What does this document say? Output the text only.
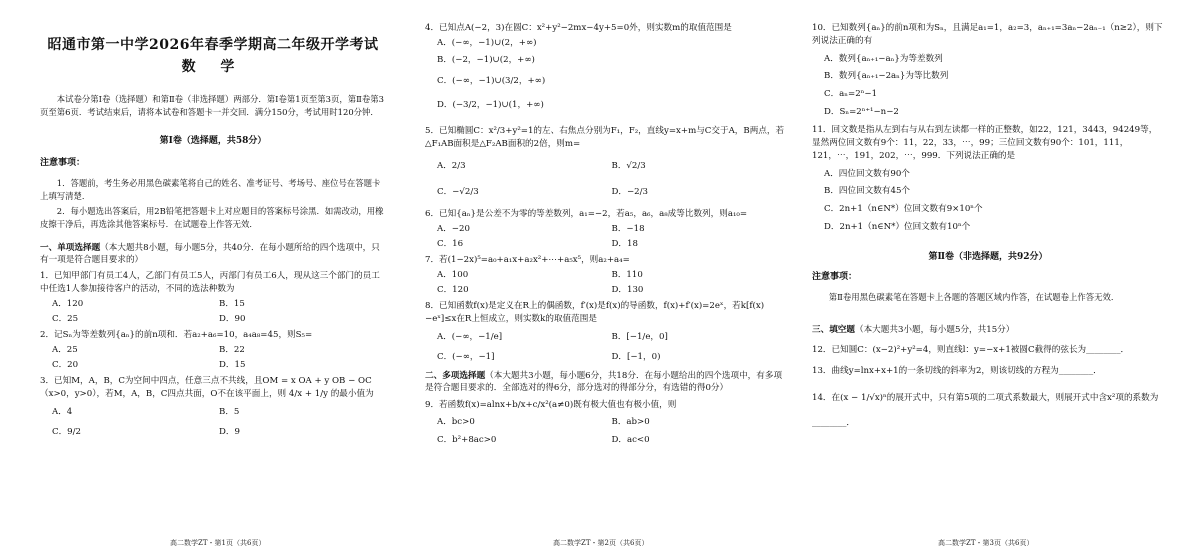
昭通市第一中学2026年春季学期高二年级开学考试
数 学
本试卷分第Ⅰ卷（选择题）和第Ⅱ卷（非选择题）两部分．第Ⅰ卷第1页至第3页，第Ⅱ卷第3页至第6页．考试结束后，请将本试卷和答题卡一并交回．满分150分，考试用时120分钟．
第Ⅰ卷（选择题，共58分）
注意事项：
1．答题前，考生务必用黑色碳素笔将自己的姓名、准考证号、考场号、座位号在答题卡上填写清楚．
2．每小题选出答案后，用2B铅笔把答题卡上对应题目的答案标号涂黑．如需改动，用橡皮擦干净后，再选涂其他答案标号．在试题卷上作答无效．
一、单项选择题（本大题共8小题，每小题5分，共40分．在每小题所给的四个选项中，只有一项是符合题目要求的）
1．已知甲部门有员工4人，乙部门有员工5人，丙部门有员工6人，现从这三个部门的员工中任选1人参加接待客户的活动，不同的选法种数为
A．120	B．15
C．25	D．90
2．记Sₙ为等差数列{aₙ}的前n项和．若a₂+a₆=10，a₄a₈=45，则S₅=
A．25	B．22
C．20	D．15
3．已知M，A，B，C为空间中四点，任意三点不共线，且OM = x OA + y OB − OC（x>0，y>0），若M，A，B，C四点共面，O不在该平面上，则 4/x + 1/y 的最小值为
A．4	B．5
C．9/2	D．9
高二数学ZT・第1页（共6页）
4．已知点A(−2，3)在圆C：x²+y²−2mx−4y+5=0外，则实数m的取值范围是
A．(−∞，−1)∪(2，+∞)
B．(−2，−1)∪(2，+∞)
C．(−∞，−1)∪(3/2，+∞)
D．(−3/2，−1)∪(1，+∞)
5．已知椭圆C：x²/3+y²=1的左、右焦点分别为F₁，F₂，直线y=x+m与C交于A，B两点，若△F₁AB面积是△F₂AB面积的2倍，则m=
A．2/3	B．√2/3
C．−√2/3	D．−2/3
6．已知{aₙ}是公差不为零的等差数列，a₁=−2，若a₅，a₆，a₈成等比数列，则a₁₀=
A．−20	B．−18
C．16	D．18
7．若(1−2x)⁵=a₀+a₁x+a₂x²+⋯+a₅x⁵，则a₂+a₄=
A．100	B．110
C．120	D．130
8．已知函数f(x)是定义在R上的偶函数，f′(x)是f(x)的导函数，f(x)+f′(x)=2eˣ，若k[f(x)−eˣ]≤x在R上恒成立，则实数k的取值范围是
A．(−∞，−1/e]	B．[−1/e，0]
C．(−∞，−1]	D．[−1，0)
二、多项选择题（本大题共3小题，每小题6分，共18分．在每小题给出的四个选项中，有多项是符合题目要求的．全部选对的得6分，部分选对的得部分分，有选错的得0分）
9．若函数f(x)=alnx+b/x+c/x²(a≠0)既有极大值也有极小值，则
A．bc>0	B．ab>0
C．b²+8ac>0	D．ac<0
高二数学ZT・第2页（共6页）
10．已知数列{aₙ}的前n项和为Sₙ，且满足a₁=1，a₂=3，aₙ₊₁=3aₙ−2aₙ₋₁（n≥2），则下列说法正确的有
A．数列{aₙ₊₁−aₙ}为等差数列
B．数列{aₙ₊₁−2aₙ}为等比数列
C．aₙ=2ⁿ−1
D．Sₙ=2ⁿ⁺¹−n−2
11．回文数是指从左到右与从右到左读都一样的正整数，如22，121，3443，94249等，显然两位回文数有9个：11，22，33，⋯，99；三位回文数有90个：101，111，121，⋯，191，202，⋯，999．下列说法正确的是
A．四位回文数有90个
B．四位回文数有45个
C．2n+1（n∈N*）位回文数有9×10ⁿ个
D．2n+1（n∈N*）位回文数有10ⁿ个
第Ⅱ卷（非选择题，共92分）
注意事项：
第Ⅱ卷用黑色碳素笔在答题卡上各题的答题区域内作答，在试题卷上作答无效．
三、填空题（本大题共3小题，每小题5分，共15分）
12．已知圆C：(x−2)²+y²=4，则直线l：y=−x+1被圆C截得的弦长为________．
13．曲线y=lnx+x+1的一条切线的斜率为2，则该切线的方程为________．
14．在(x − 1/√x)ⁿ的展开式中，只有第5项的二项式系数最大，则展开式中含x²项的系数为
________．
高二数学ZT・第3页（共6页）
